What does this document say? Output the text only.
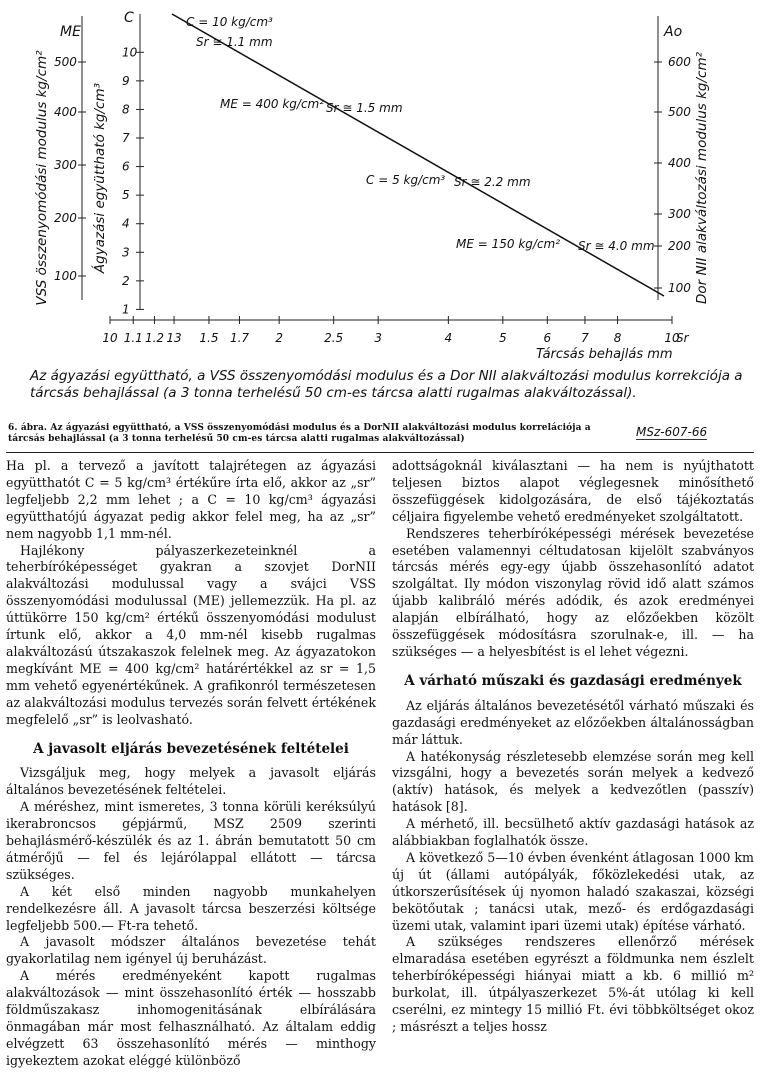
ME
500
400
300
200
100
VSS összenyomódási modulus kg/cm²
C
10
9
8
7
6
5
4
3
2
1
Ágyazási együttható kg/cm³
Ao
600
500
400
300
200
100 Dor NII alakváltozási modulus kg/cm²
10 1.1 1.2 13 1.5 1.7 2	2.5	3	4	5	6 7 8	10
Sr
Tárcsás behajlás mm
C = 10 kg/cm³
Sr ≅ 1.1 mm
ME = 400 kg/cm² Sr ≅ 1.5 mm
C = 5 kg/cm³ Sr ≅ 2.2 mm
ME = 150 kg/cm² Sr ≅ 4.0 mm
Az ágyazási együttható, a VSS összenyomódási modulus és a Dor NII alakváltozási modulus korrekciója a tárcsás behajlással (a 3 tonna terhelésű 50 cm-es tárcsa alatti rugalmas alakváltozással).
6. ábra. Az ágyazási együttható, a VSS összenyomódási modulus és a DorNII alakváltozási modulus korrelációja a tárcsás behajlással (a 3 tonna terhelésű 50 cm-es tárcsa alatti rugalmas alakváltozással)	MSz-607-66

Ha pl. a tervező a javított talajrétegen az ágyazási együtthatót C = 5 kg/cm³ értékűre írta elő, akkor az „sr” legfeljebb 2,2 mm lehet ; a C = 10 kg/cm³ ágyazási együtthatójú ágyazat pedig akkor felel meg, ha az „sr” nem nagyobb 1,1 mm-nél.

Hajlékony pályaszerkezeteinknél a teherbíróképességet gyakran a szovjet DorNII alakváltozási modulussal vagy a svájci VSS összenyomódási modulussal (ME) jellemezzük. Ha pl. az úttükörre 150 kg/cm² értékű összenyomódási modulust írtunk elő, akkor a 4,0 mm-nél kisebb rugalmas alakváltozású útszakaszok felelnek meg. Az ágyazatokon megkívánt ME = 400 kg/cm² határértékkel az sr = 1,5 mm vehető egyenértékűnek. A grafikonról természetesen az alakváltozási modulus tervezés során felvett értékének megfelelő „sr” is leolvasható.

A javasolt eljárás bevezetésének feltételei

Vizsgáljuk meg, hogy melyek a javasolt eljárás általános bevezetésének feltételei.

A méréshez, mint ismeretes, 3 tonna körüli keréksúlyú ikerabroncsos gépjármű, MSZ 2509 szerinti behajlásmérő-készülék és az 1. ábrán bemutatott 50 cm átmérőjű — fel és lejárólappal ellátott — tárcsa szükséges.

A két első minden nagyobb munkahelyen rendelkezésre áll. A javasolt tárcsa beszerzési költsége legfeljebb 500.— Ft-ra tehető.

A javasolt módszer általános bevezetése tehát gyakorlatilag nem igényel új beruházást.

A mérés eredményeként kapott rugalmas alakváltozások — mint összehasonlító érték — hosszabb földműszakasz inhomogenitásának elbírálására önmagában már most felhasználható. Az általam eddig elvégzett 63 összehasonlító mérés — minthogy igyekeztem azokat eléggé különböző

adottságoknál kiválasztani — ha nem is nyújthatott teljesen biztos alapot véglegesnek minősíthető összefüggések kidolgozására, de első tájékoztatás céljaira figyelembe vehető eredményeket szolgáltatott.

Rendszeres teherbíróképességi mérések bevezetése esetében valamennyi céltudatosan kijelölt szabványos tárcsás mérés egy-egy újabb összehasonlító adatot szolgáltat. Ily módon viszonylag rövid idő alatt számos újabb kalibráló mérés adódik, és azok eredményei alapján elbírálható, hogy az előzőekben közölt összefüggések módosításra szorulnak-e, ill. — ha szükséges — a helyesbítést is el lehet végezni.

A várható műszaki és gazdasági eredmények

Az eljárás általános bevezetésétől várható műszaki és gazdasági eredményeket az előzőekben általánosságban már láttuk.

A hatékonyság részletesebb elemzése során meg kell vizsgálni, hogy a bevezetés során melyek a kedvező (aktív) hatások, és melyek a kedvezőtlen (passzív) hatások [8].

A mérhető, ill. becsülhető aktív gazdasági hatások az alábbiakban foglalhatók össze.

A következő 5—10 évben évenként átlagosan 1000 km új út (állami autópályák, főközlekedési utak, az útkorszerűsítések új nyomon haladó szakaszai, községi bekötőutak ; tanácsi utak, mező- és erdőgazdasági üzemi utak, valamint ipari üzemi utak) építése várható.

A szükséges rendszeres ellenőrző mérések elmaradása esetében egyrészt a földmunka nem észlelt teherbíróképességi hiányai miatt a kb. 6 millió m² burkolat, ill. útpályaszerkezet 5%-át utólag ki kell cserélni, ez mintegy 15 millió Ft. évi többköltséget okoz ; másrészt a teljes hossz
